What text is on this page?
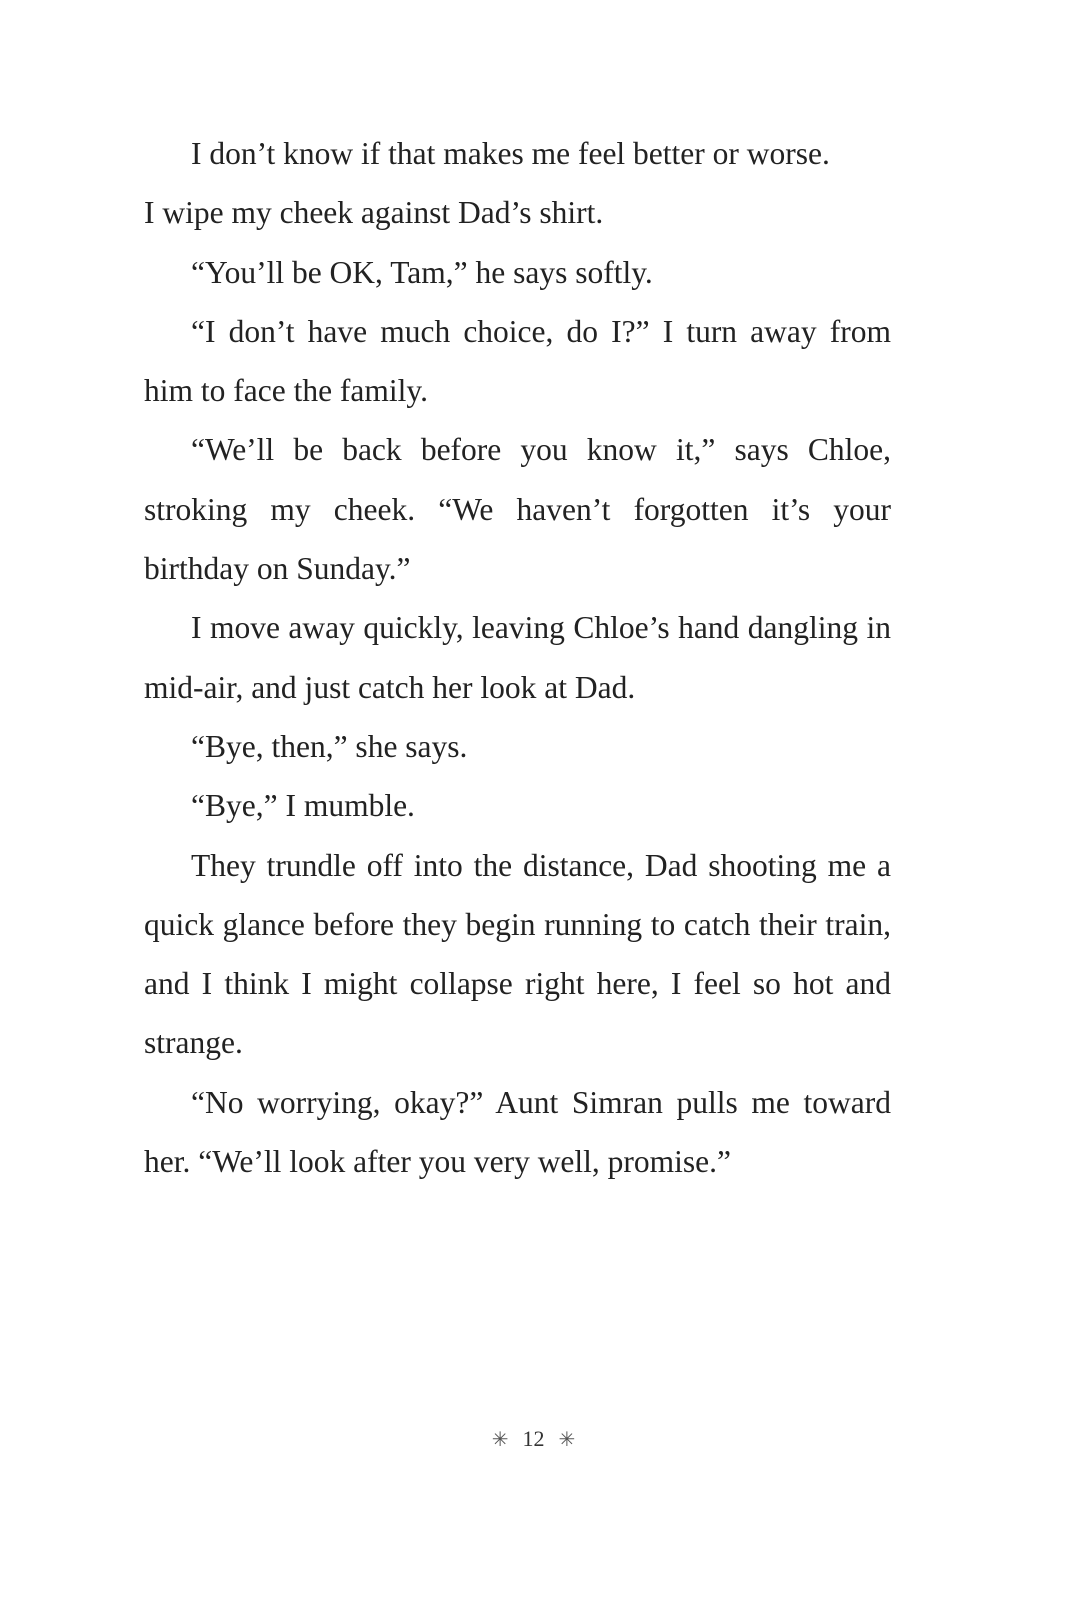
I don’t know if that makes me feel better or worse.

I wipe my cheek against Dad’s shirt.

“You’ll be OK, Tam,” he says softly.

“I don’t have much choice, do I?” I turn away from him to face the family.

“We’ll be back before you know it,” says Chloe, stroking my cheek. “We haven’t forgotten it’s your birthday on Sunday.”

I move away quickly, leaving Chloe’s hand dangling in mid-air, and just catch her look at Dad.

“Bye, then,” she says.

“Bye,” I mumble.

They trundle off into the distance, Dad shooting me a quick glance before they begin running to catch their train, and I think I might collapse right here, I feel so hot and strange.

“No worrying, okay?” Aunt Simran pulls me toward her. “We’ll look after you very well, promise.”

✳ 12 ✳
